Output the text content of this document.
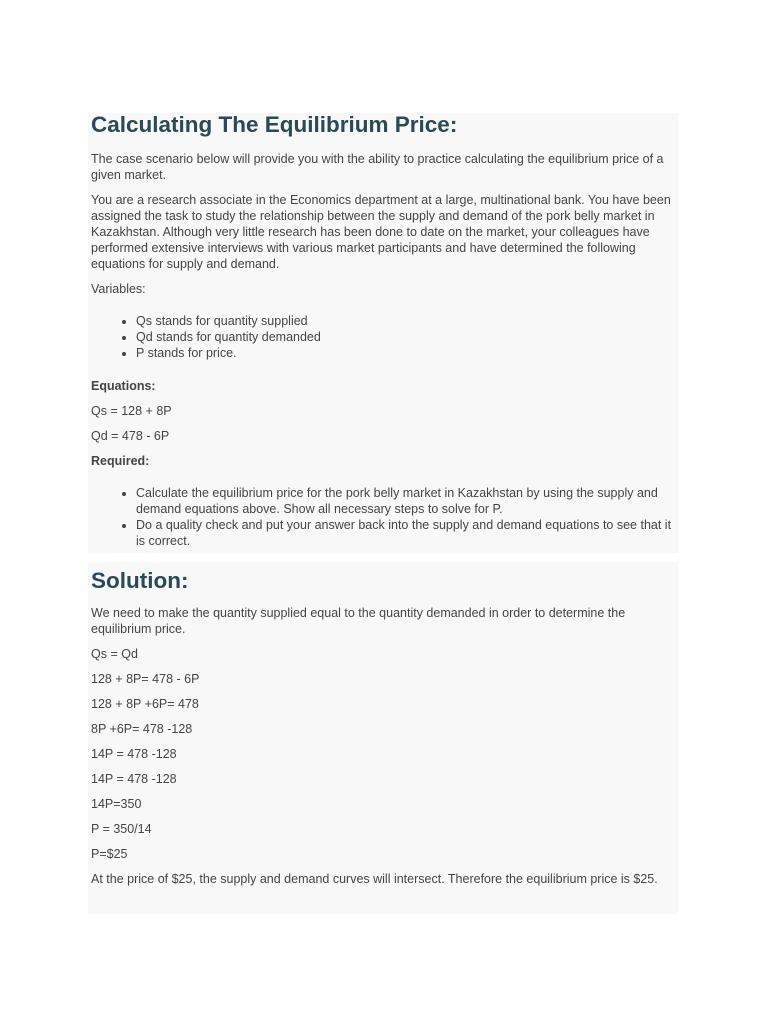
Calculating The Equilibrium Price:

The case scenario below will provide you with the ability to practice calculating the equilibrium price of a given market.

You are a research associate in the Economics department at a large, multinational bank. You have been assigned the task to study the relationship between the supply and demand of the pork belly market in Kazakhstan. Although very little research has been done to date on the market, your colleagues have performed extensive interviews with various market participants and have determined the following equations for supply and demand.

Variables:

• Qs stands for quantity supplied
• Qd stands for quantity demanded
• P stands for price.

Equations:

Qs = 128 + 8P

Qd = 478 - 6P

Required:

• Calculate the equilibrium price for the pork belly market in Kazakhstan by using the supply and demand equations above. Show all necessary steps to solve for P.
• Do a quality check and put your answer back into the supply and demand equations to see that it is correct.
Solution:

We need to make the quantity supplied equal to the quantity demanded in order to determine the equilibrium price.

Qs = Qd

128 + 8P= 478 - 6P

128 + 8P +6P= 478

8P +6P= 478 -128

14P = 478 -128

14P = 478 -128

14P=350

P = 350/14

P=$25

At the price of $25, the supply and demand curves will intersect. Therefore the equilibrium price is $25.
